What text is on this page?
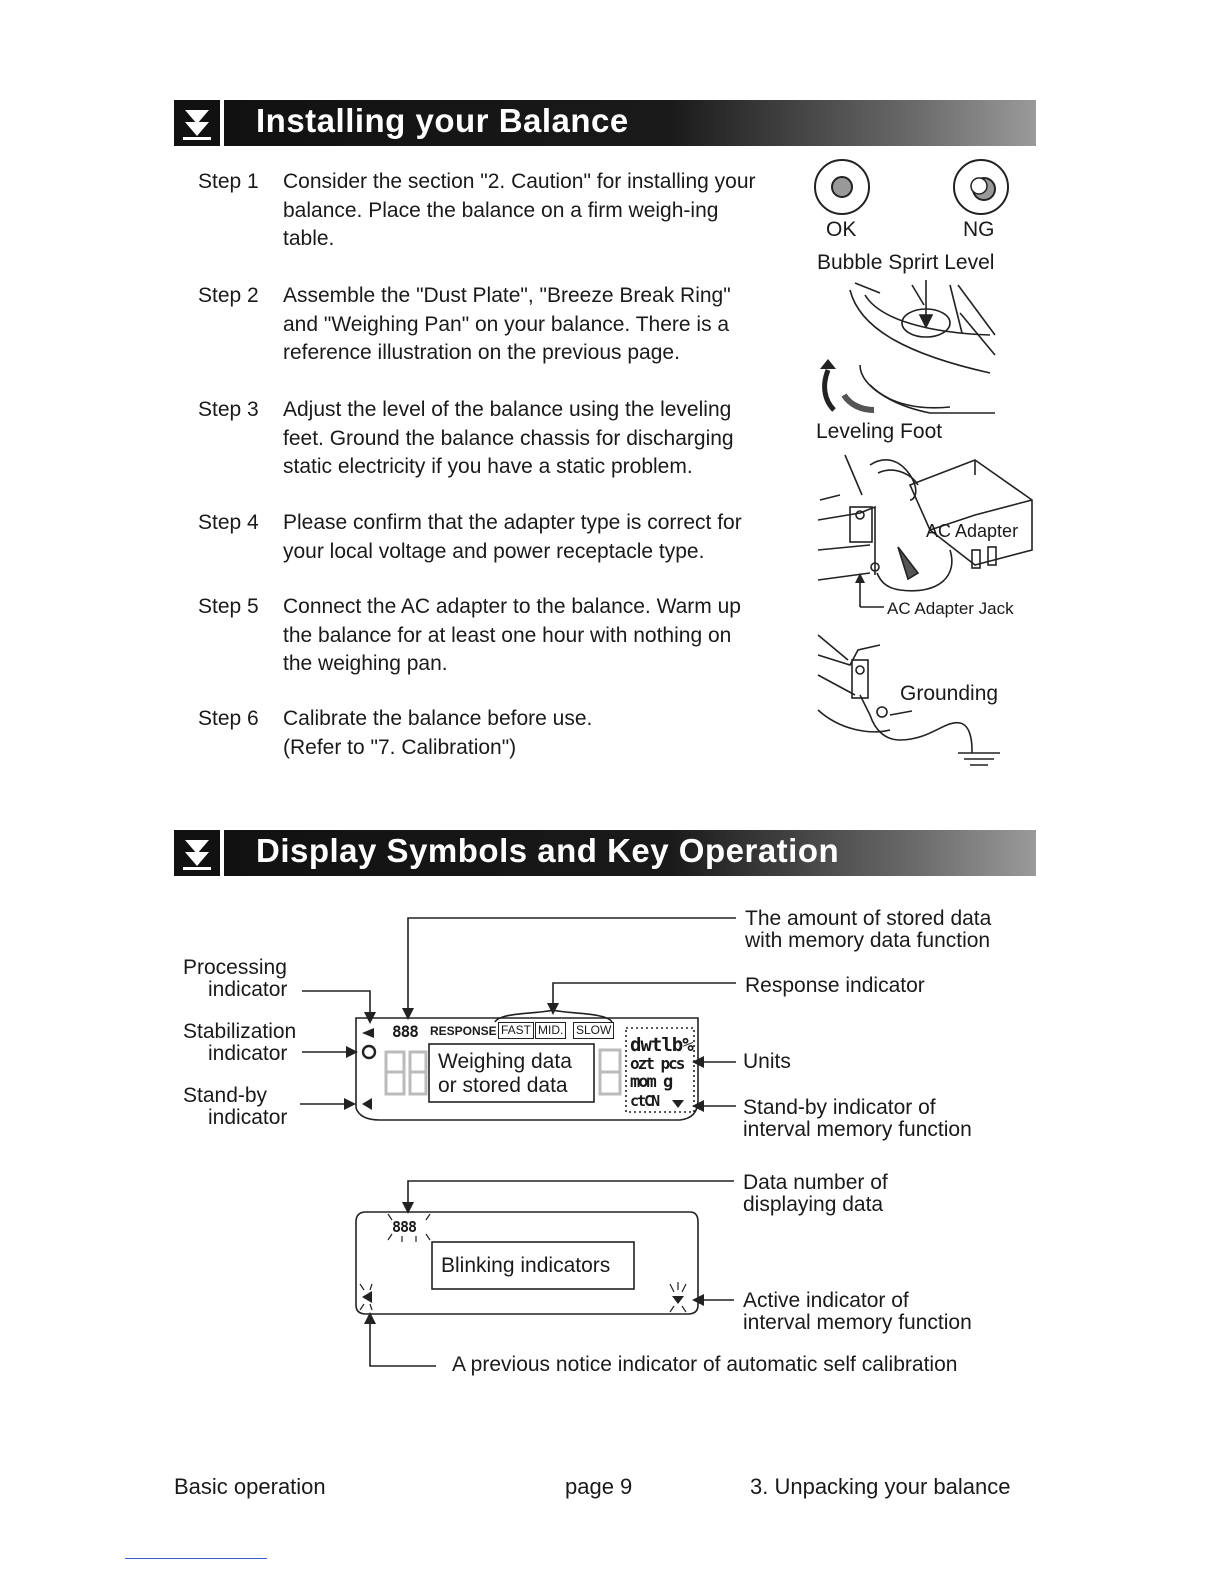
Installing your Balance
Step 1	Consider the section "2. Caution" for installing your balance. Place the balance on a firm weigh-ing table.
Step 2	Assemble the "Dust Plate", "Breeze Break Ring" and "Weighing Pan" on your balance. There is a reference illustration on the previous page.
Step 3	Adjust the level of the balance using the leveling feet. Ground the balance chassis for discharging static electricity if you have a static problem.
Step 4	Please confirm that the adapter type is correct for your local voltage and power receptacle type.
Step 5	Connect the AC adapter to the balance. Warm up the balance for at least one hour with nothing on the weighing pan.
Step 6	Calibrate the balance before use. (Refer to "7. Calibration")
OK	NG
Bubble Sprirt Level
Leveling Foot
AC Adapter
AC Adapter Jack
Grounding
Display Symbols and Key Operation
888 RESPONSE FAST MID. SLOW
Weighing data
or stored data
dwtlb%
ozt pcs
mom g
ctCN
888
Blinking indicators
Processing
indicator
Stabilization
indicator
Stand-by
indicator
The amount of stored data
with memory data function
Response indicator
Units
Stand-by indicator of
interval memory function
Data number of
displaying data
Active indicator of
interval memory function
A previous notice indicator of automatic self calibration
Basic operation	page 9	3. Unpacking your balance
